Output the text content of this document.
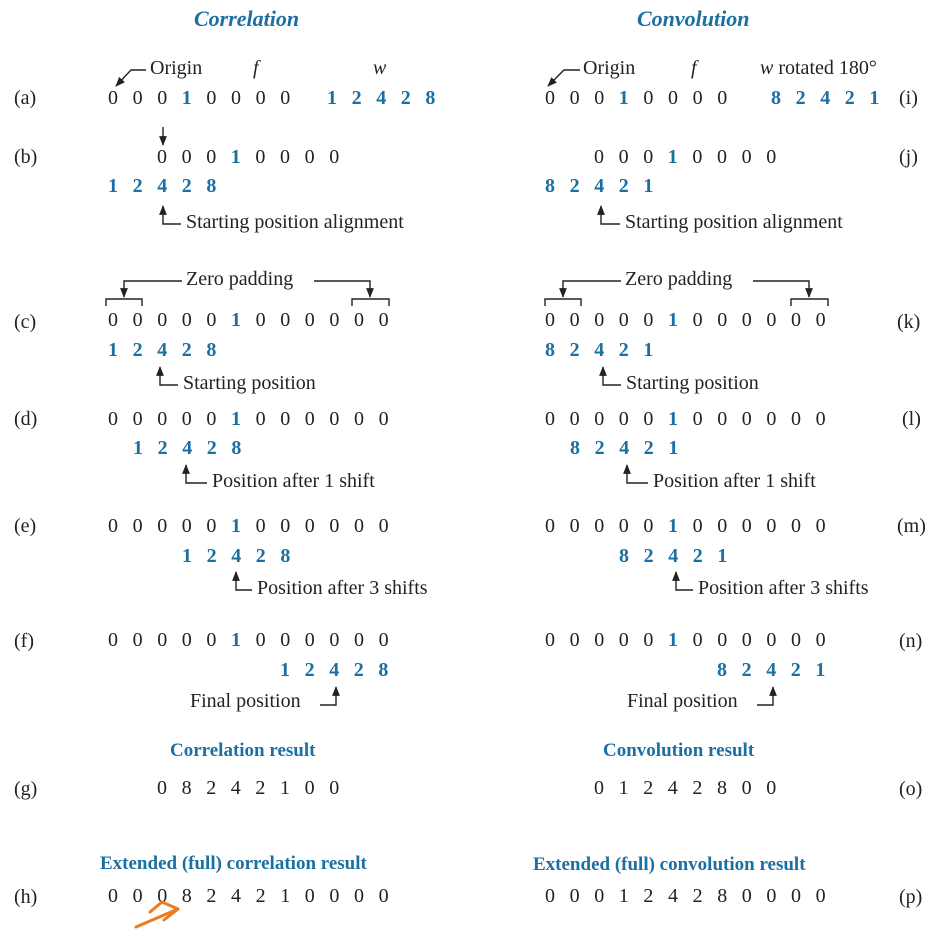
Correlation	Convolution
Origin	f	w	Origin	f	w rotated 180°
(a)
(b)
(c)
(d)
(e)
(f)
(g)
(h)
(i)
(j)
(k)
(l)
(m)
(n)
(o)
(p)
Starting position alignment
Zero padding
Starting position
Position after 1 shift
Position after 3 shifts
Final position
Starting position alignment
Zero padding
Starting position
Position after 1 shift
Position after 3 shifts
Final position
Correlation result	Convolution result
Extended (full) correlation result	Extended (full) convolution result
0 0 0 1 0 0 0 0 1 2 4 2 8
0 0 0 1 0 0 0 0
1 2 4 2 8
0 0 0 0 0 1 0 0 0 0 0 0
1 2 4 2 8
0 0 0 0 0 1 0 0 0 0 0 0
1 2 4 2 8
0 0 0 0 0 1 0 0 0 0 0 0
1 2 4 2 8
0 0 0 0 0 1 0 0 0 0 0 0
1 2 4 2 8
0 8 2 4 2 1 0 0
0 0 0 8 2 4 2 1 0 0 0 0
0 0 0 1 0 0 0 0 8 2 4 2 1
0 0 0 1 0 0 0 0
8 2 4 2 1
0 0 0 0 0 1 0 0 0 0 0 0
8 2 4 2 1
0 0 0 0 0 1 0 0 0 0 0 0
8 2 4 2 1
0 0 0 0 0 1 0 0 0 0 0 0
8 2 4 2 1
0 0 0 0 0 1 0 0 0 0 0 0
8 2 4 2 1
0 1 2 4 2 8 0 0
0 0 0 1 2 4 2 8 0 0 0 0
